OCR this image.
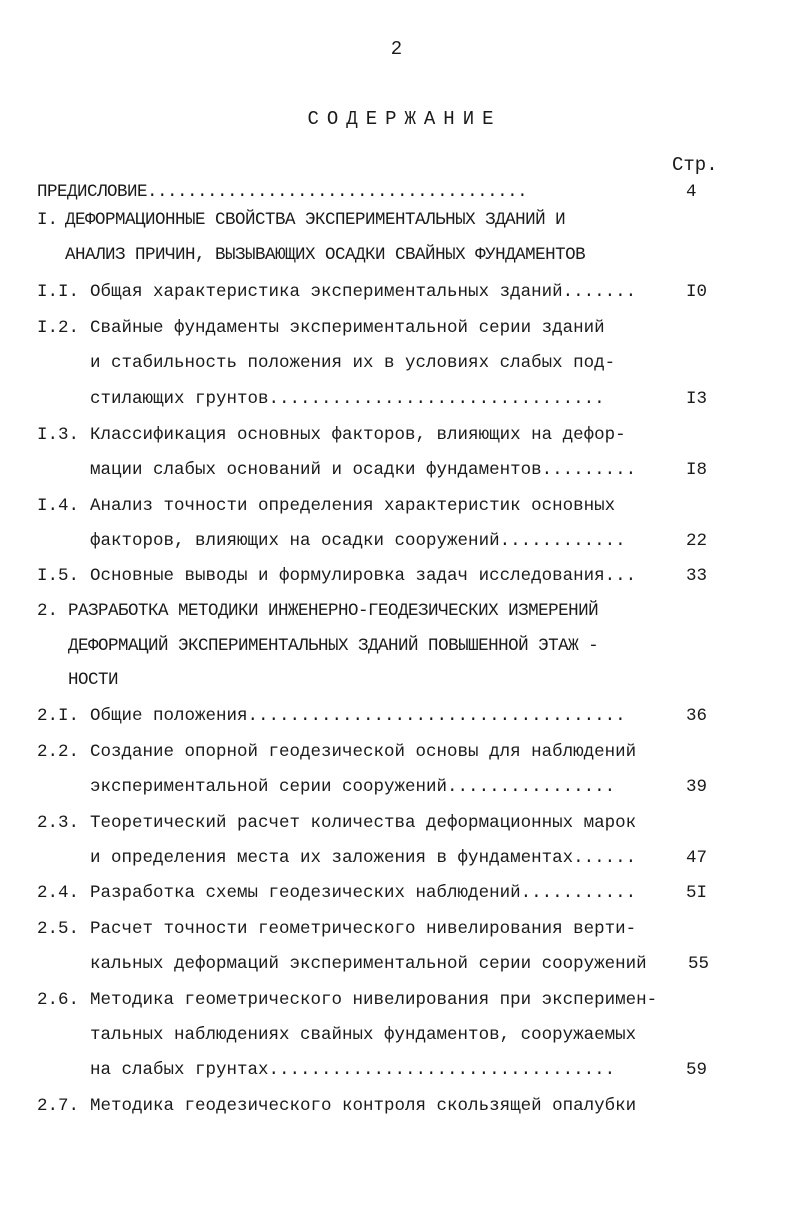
2
СОДЕРЖАНИЕ
Стр.
ПРЕДИСЛОВИЕ......................................	4
I. ДЕФОРМАЦИОННЫЕ СВОЙСТВА ЭКСПЕРИМЕНТАЛЬНЫХ ЗДАНИЙ И
АНАЛИЗ ПРИЧИН, ВЫЗЫВАЮЩИХ ОСАДКИ СВАЙНЫХ ФУНДАМЕНТОВ
I.I. Общая характеристика экспериментальных зданий.......	I0
I.2. Свайные фундаменты экспериментальной серии зданий
и стабильность положения их в условиях слабых под-
стилающих грунтов................................	I3
I.3. Классификация основных факторов, влияющих на дефор-
мации слабых оснований и осадки фундаментов.........	I8
I.4. Анализ точности определения характеристик основных
факторов, влияющих на осадки сооружений............	22
I.5. Основные выводы и формулировка задач исследования...	33
2. РАЗРАБОТКА МЕТОДИКИ ИНЖЕНЕРНО-ГЕОДЕЗИЧЕСКИХ ИЗМЕРЕНИЙ
ДЕФОРМАЦИЙ ЭКСПЕРИМЕНТАЛЬНЫХ ЗДАНИЙ ПОВЫШЕННОЙ ЭТАЖ -
НОСТИ
2.I. Общие положения....................................	36
2.2. Создание опорной геодезической основы для наблюдений
экспериментальной серии сооружений................	39
2.3. Теоретический расчет количества деформационных марок
и определения места их заложения в фундаментах......	47
2.4. Разработка схемы геодезических наблюдений...........	5I
2.5. Расчет точности геометрического нивелирования верти-
кальных деформаций экспериментальной серии сооружений 55
2.6. Методика геометрического нивелирования при эксперимен-
тальных наблюдениях свайных фундаментов, сооружаемых
на слабых грунтах.................................	59
2.7. Методика геодезического контроля скользящей опалубки
